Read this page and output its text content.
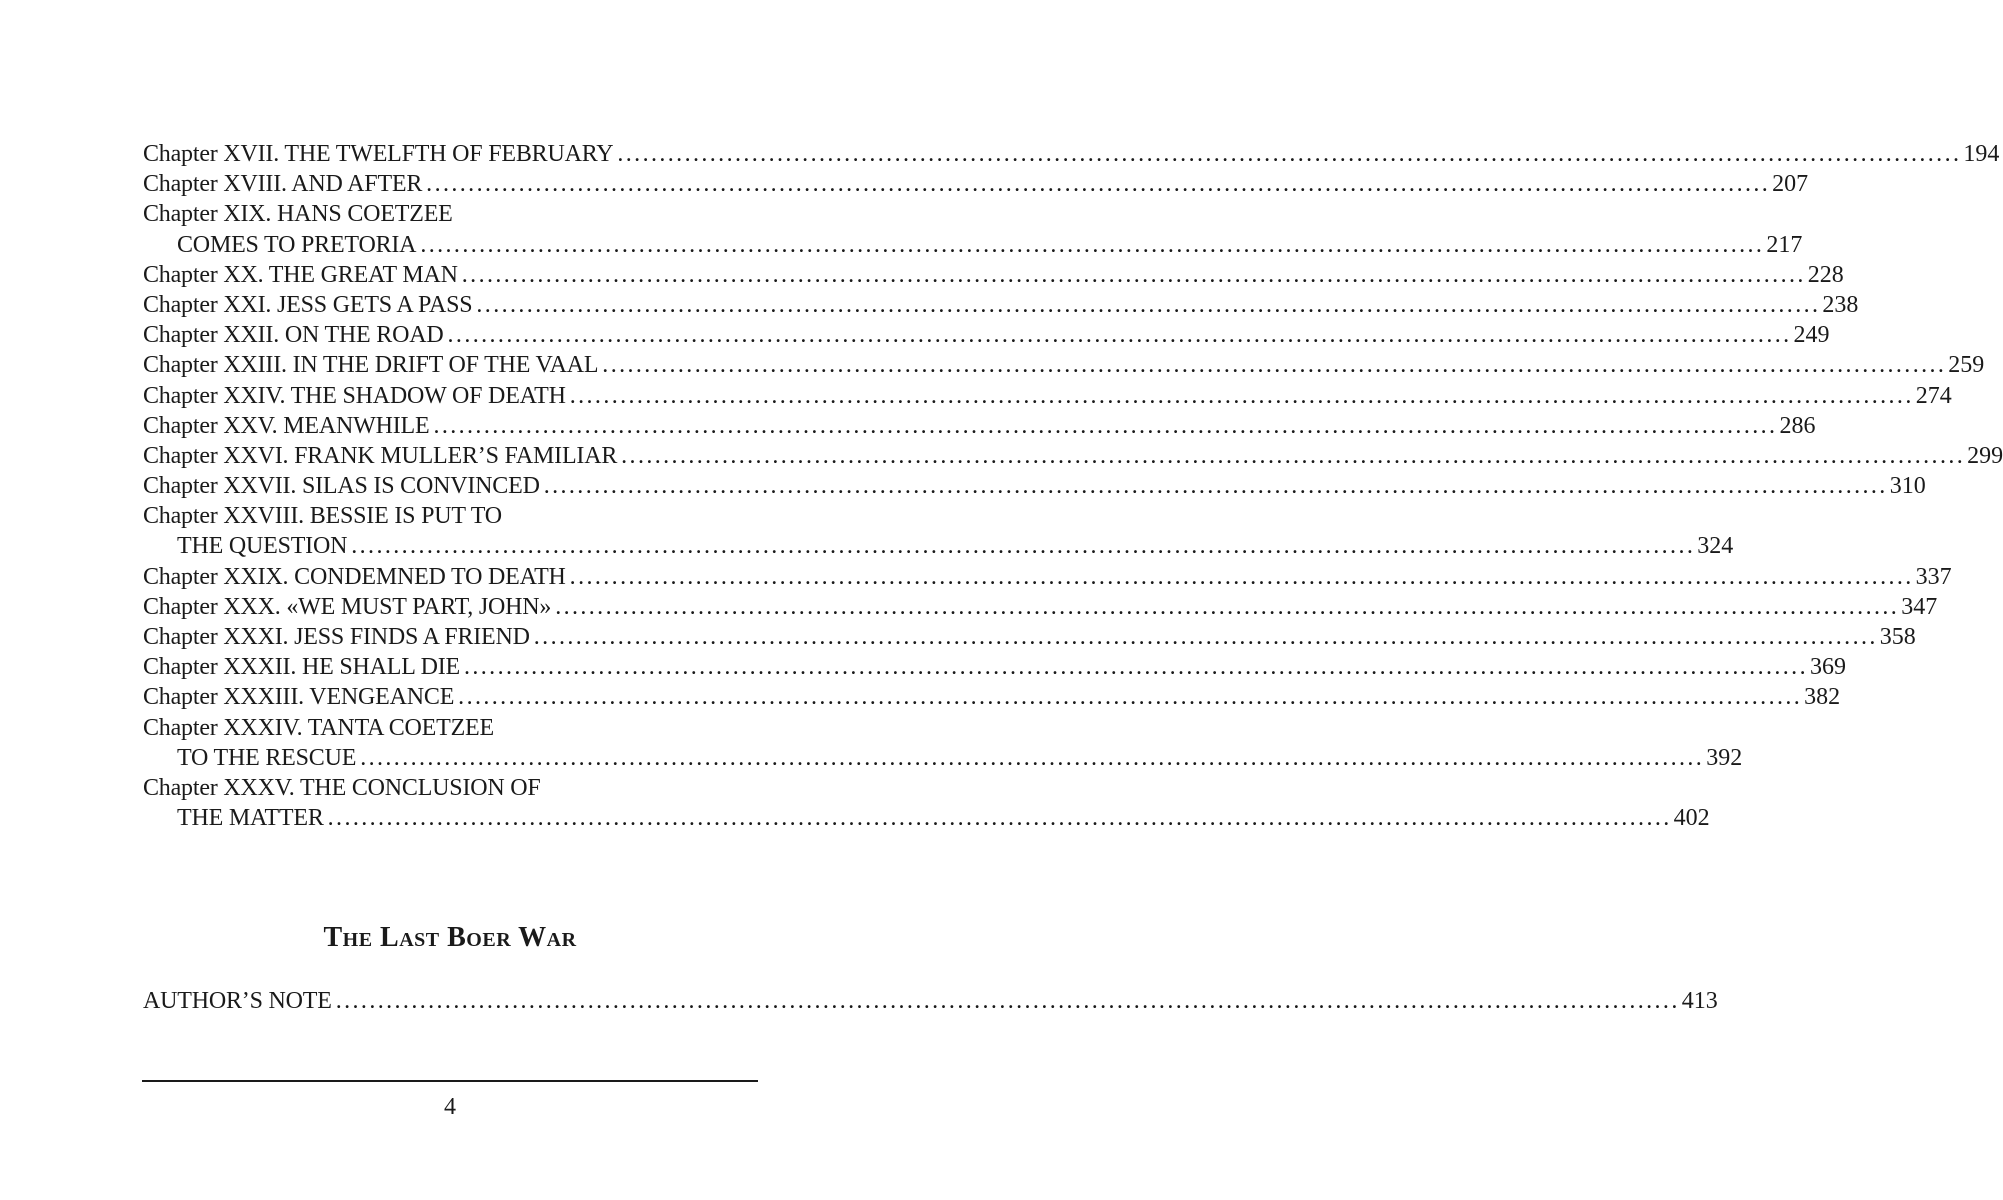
Chapter XVII. THE TWELFTH OF FEBRUARY ................................................................................................................................................................ 194
Chapter XVIII. AND AFTER ................................................................................................................................................................ 207
Chapter XIX. HANS COETZEE
COMES TO PRETORIA ................................................................................................................................................................ 217
Chapter XX. THE GREAT MAN ................................................................................................................................................................ 228
Chapter XXI. JESS GETS A PASS ................................................................................................................................................................ 238
Chapter XXII. ON THE ROAD ................................................................................................................................................................ 249
Chapter XXIII. IN THE DRIFT OF THE VAAL ................................................................................................................................................................ 259
Chapter XXIV. THE SHADOW OF DEATH ................................................................................................................................................................ 274
Chapter XXV. MEANWHILE ................................................................................................................................................................ 286
Chapter XXVI. FRANK MULLER’S FAMILIAR ................................................................................................................................................................ 299
Chapter XXVII. SILAS IS CONVINCED ................................................................................................................................................................ 310
Chapter XXVIII. BESSIE IS PUT TO
THE QUESTION ................................................................................................................................................................ 324
Chapter XXIX. CONDEMNED TO DEATH ................................................................................................................................................................ 337
Chapter XXX. «WE MUST PART, JOHN» ................................................................................................................................................................ 347
Chapter XXXI. JESS FINDS A FRIEND ................................................................................................................................................................ 358
Chapter XXXII. HE SHALL DIE ................................................................................................................................................................ 369
Chapter XXXIII. VENGEANCE ................................................................................................................................................................ 382
Chapter XXXIV. TANTA COETZEE
TO THE RESCUE ................................................................................................................................................................ 392
Chapter XXXV. THE CONCLUSION OF
THE MATTER ................................................................................................................................................................ 402
The Last Boer War
AUTHOR’S NOTE ................................................................................................................................................................ 413
4
